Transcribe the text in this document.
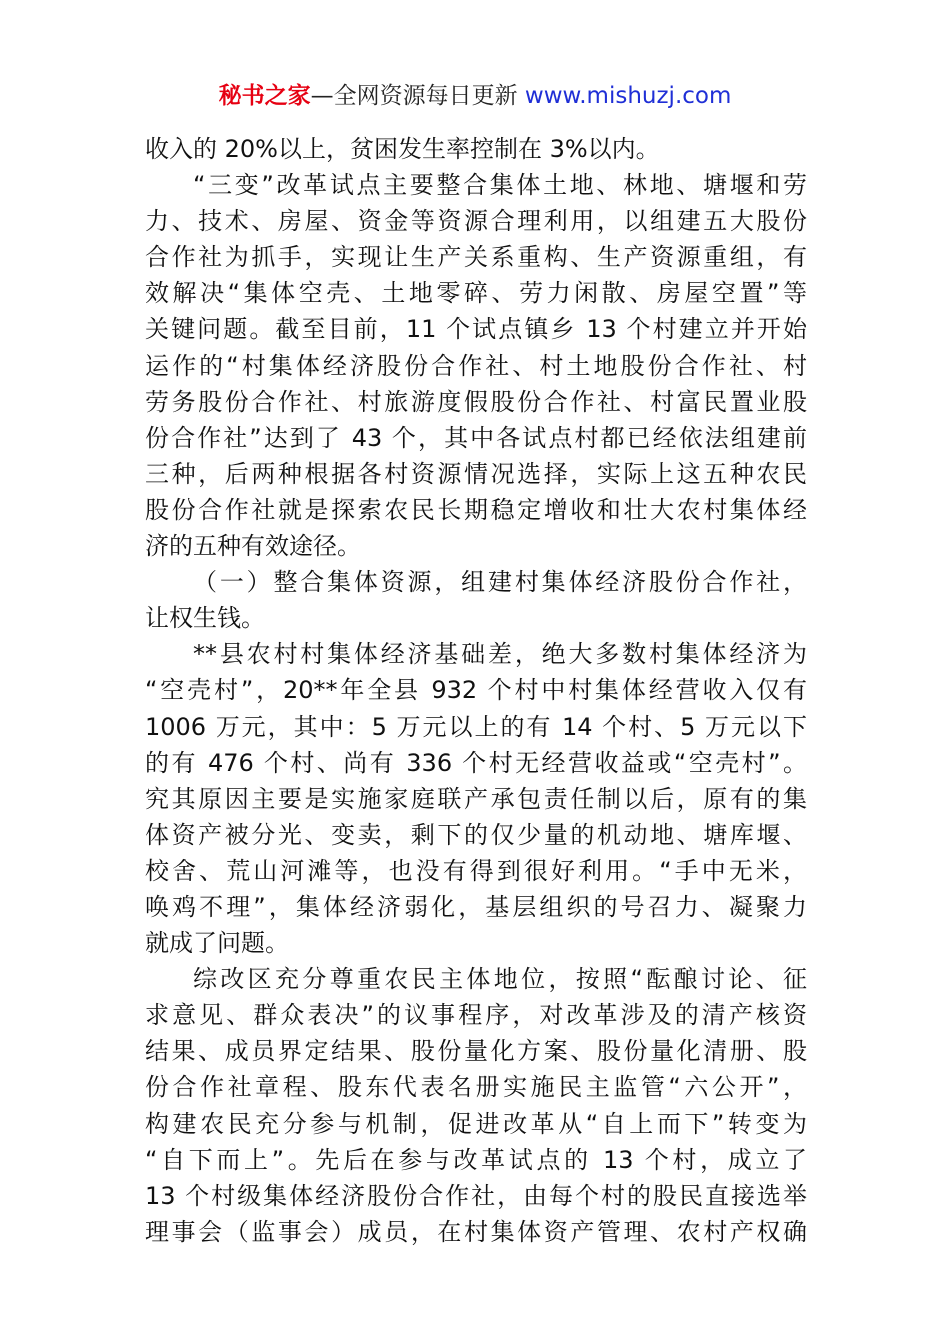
秘书之家—全网资源每日更新 www.mishuzj.com
收入的 20%以上，贫困发生率控制在 3%以内。
“三变”改革试点主要整合集体土地、林地、塘堰和劳
力、技术、房屋、资金等资源合理利用，以组建五大股份
合作社为抓手，实现让生产关系重构、生产资源重组，有
效解决“集体空壳、土地零碎、劳力闲散、房屋空置”等
关键问题。截至目前，11 个试点镇乡 13 个村建立并开始
运作的“村集体经济股份合作社、村土地股份合作社、村
劳务股份合作社、村旅游度假股份合作社、村富民置业股
份合作社”达到了 43 个，其中各试点村都已经依法组建前
三种，后两种根据各村资源情况选择，实际上这五种农民
股份合作社就是探索农民长期稳定增收和壮大农村集体经
济的五种有效途径。
（一）整合集体资源，组建村集体经济股份合作社，
让权生钱。
**县农村村集体经济基础差，绝大多数村集体经济为
“空壳村”，20**年全县 932 个村中村集体经营收入仅有
1006 万元，其中：5 万元以上的有 14 个村、5 万元以下
的有 476 个村、尚有 336 个村无经营收益或“空壳村”。
究其原因主要是实施家庭联产承包责任制以后，原有的集
体资产被分光、变卖，剩下的仅少量的机动地、塘库堰、
校舍、荒山河滩等，也没有得到很好利用。“手中无米，
唤鸡不理”，集体经济弱化，基层组织的号召力、凝聚力
就成了问题。
综改区充分尊重农民主体地位，按照“酝酿讨论、征
求意见、群众表决”的议事程序，对改革涉及的清产核资
结果、成员界定结果、股份量化方案、股份量化清册、股
份合作社章程、股东代表名册实施民主监管“六公开”，
构建农民充分参与机制，促进改革从“自上而下”转变为
“自下而上”。先后在参与改革试点的 13 个村，成立了
13 个村级集体经济股份合作社，由每个村的股民直接选举
理事会（监事会）成员，在村集体资产管理、农村产权确
